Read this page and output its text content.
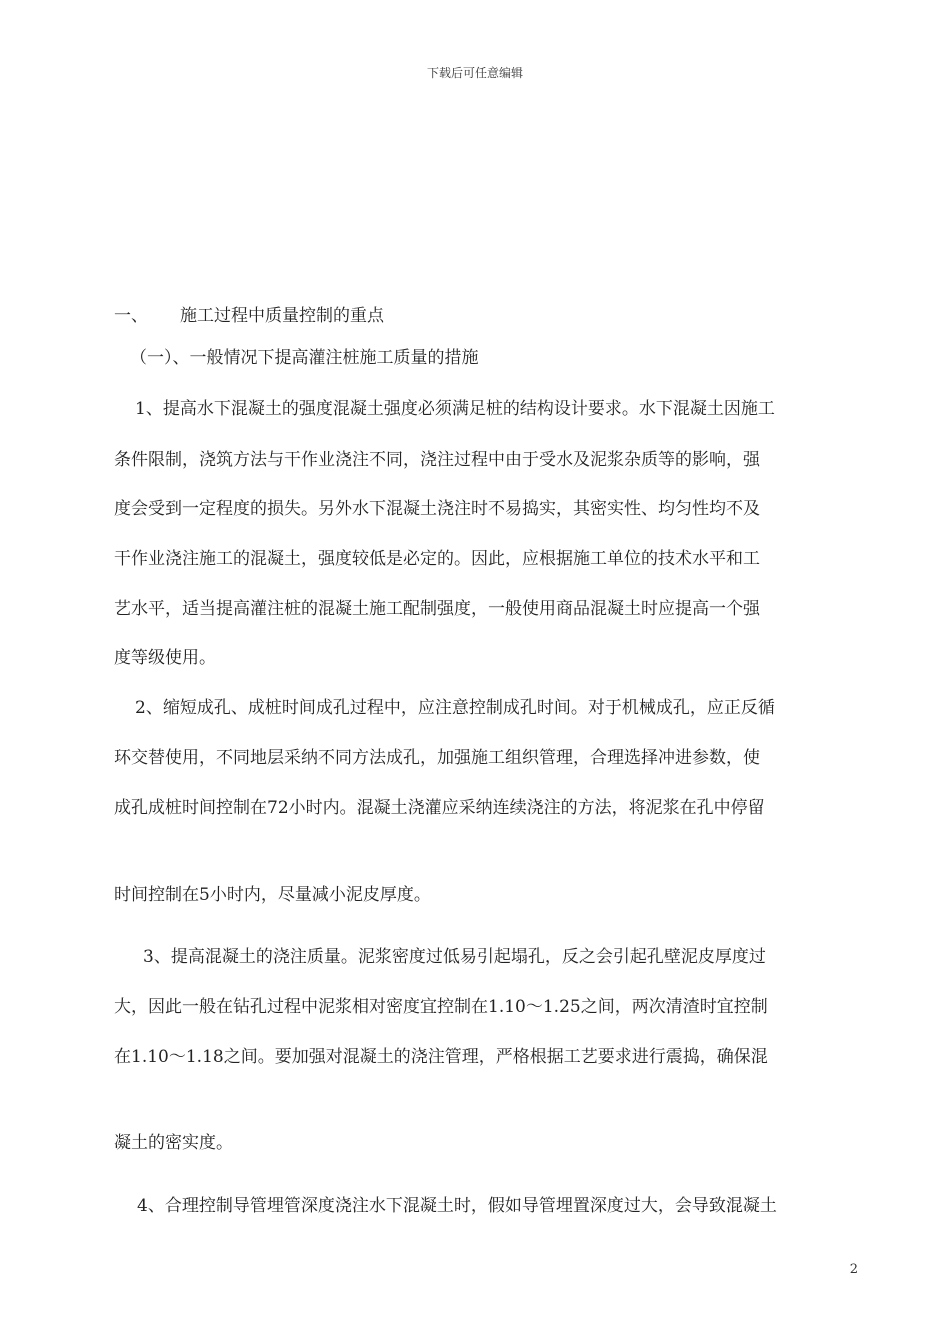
下载后可任意编辑
一、 施工过程中质量控制的重点
（一）、一般情况下提高灌注桩施工质量的措施
1、提高水下混凝土的强度混凝土强度必须满足桩的结构设计要求。水下混凝土因施工
条件限制，浇筑方法与干作业浇注不同，浇注过程中由于受水及泥浆杂质等的影响，强
度会受到一定程度的损失。另外水下混凝土浇注时不易捣实，其密实性、均匀性均不及
干作业浇注施工的混凝土，强度较低是必定的。因此，应根据施工单位的技术水平和工
艺水平，适当提高灌注桩的混凝土施工配制强度，一般使用商品混凝土时应提高一个强
度等级使用。
2、缩短成孔、成桩时间成孔过程中，应注意控制成孔时间。对于机械成孔，应正反循
环交替使用，不同地层采纳不同方法成孔，加强施工组织管理，合理选择冲进参数，使
成孔成桩时间控制在72小时内。混凝土浇灌应采纳连续浇注的方法，将泥浆在孔中停留
时间控制在5小时内，尽量减小泥皮厚度。
3、提高混凝土的浇注质量。泥浆密度过低易引起塌孔，反之会引起孔壁泥皮厚度过
大，因此一般在钻孔过程中泥浆相对密度宜控制在1.10～1.25之间，两次清渣时宜控制
在1.10～1.18之间。要加强对混凝土的浇注管理，严格根据工艺要求进行震捣，确保混
凝土的密实度。
4、合理控制导管埋管深度浇注水下混凝土时，假如导管埋置深度过大，会导致混凝土
2
